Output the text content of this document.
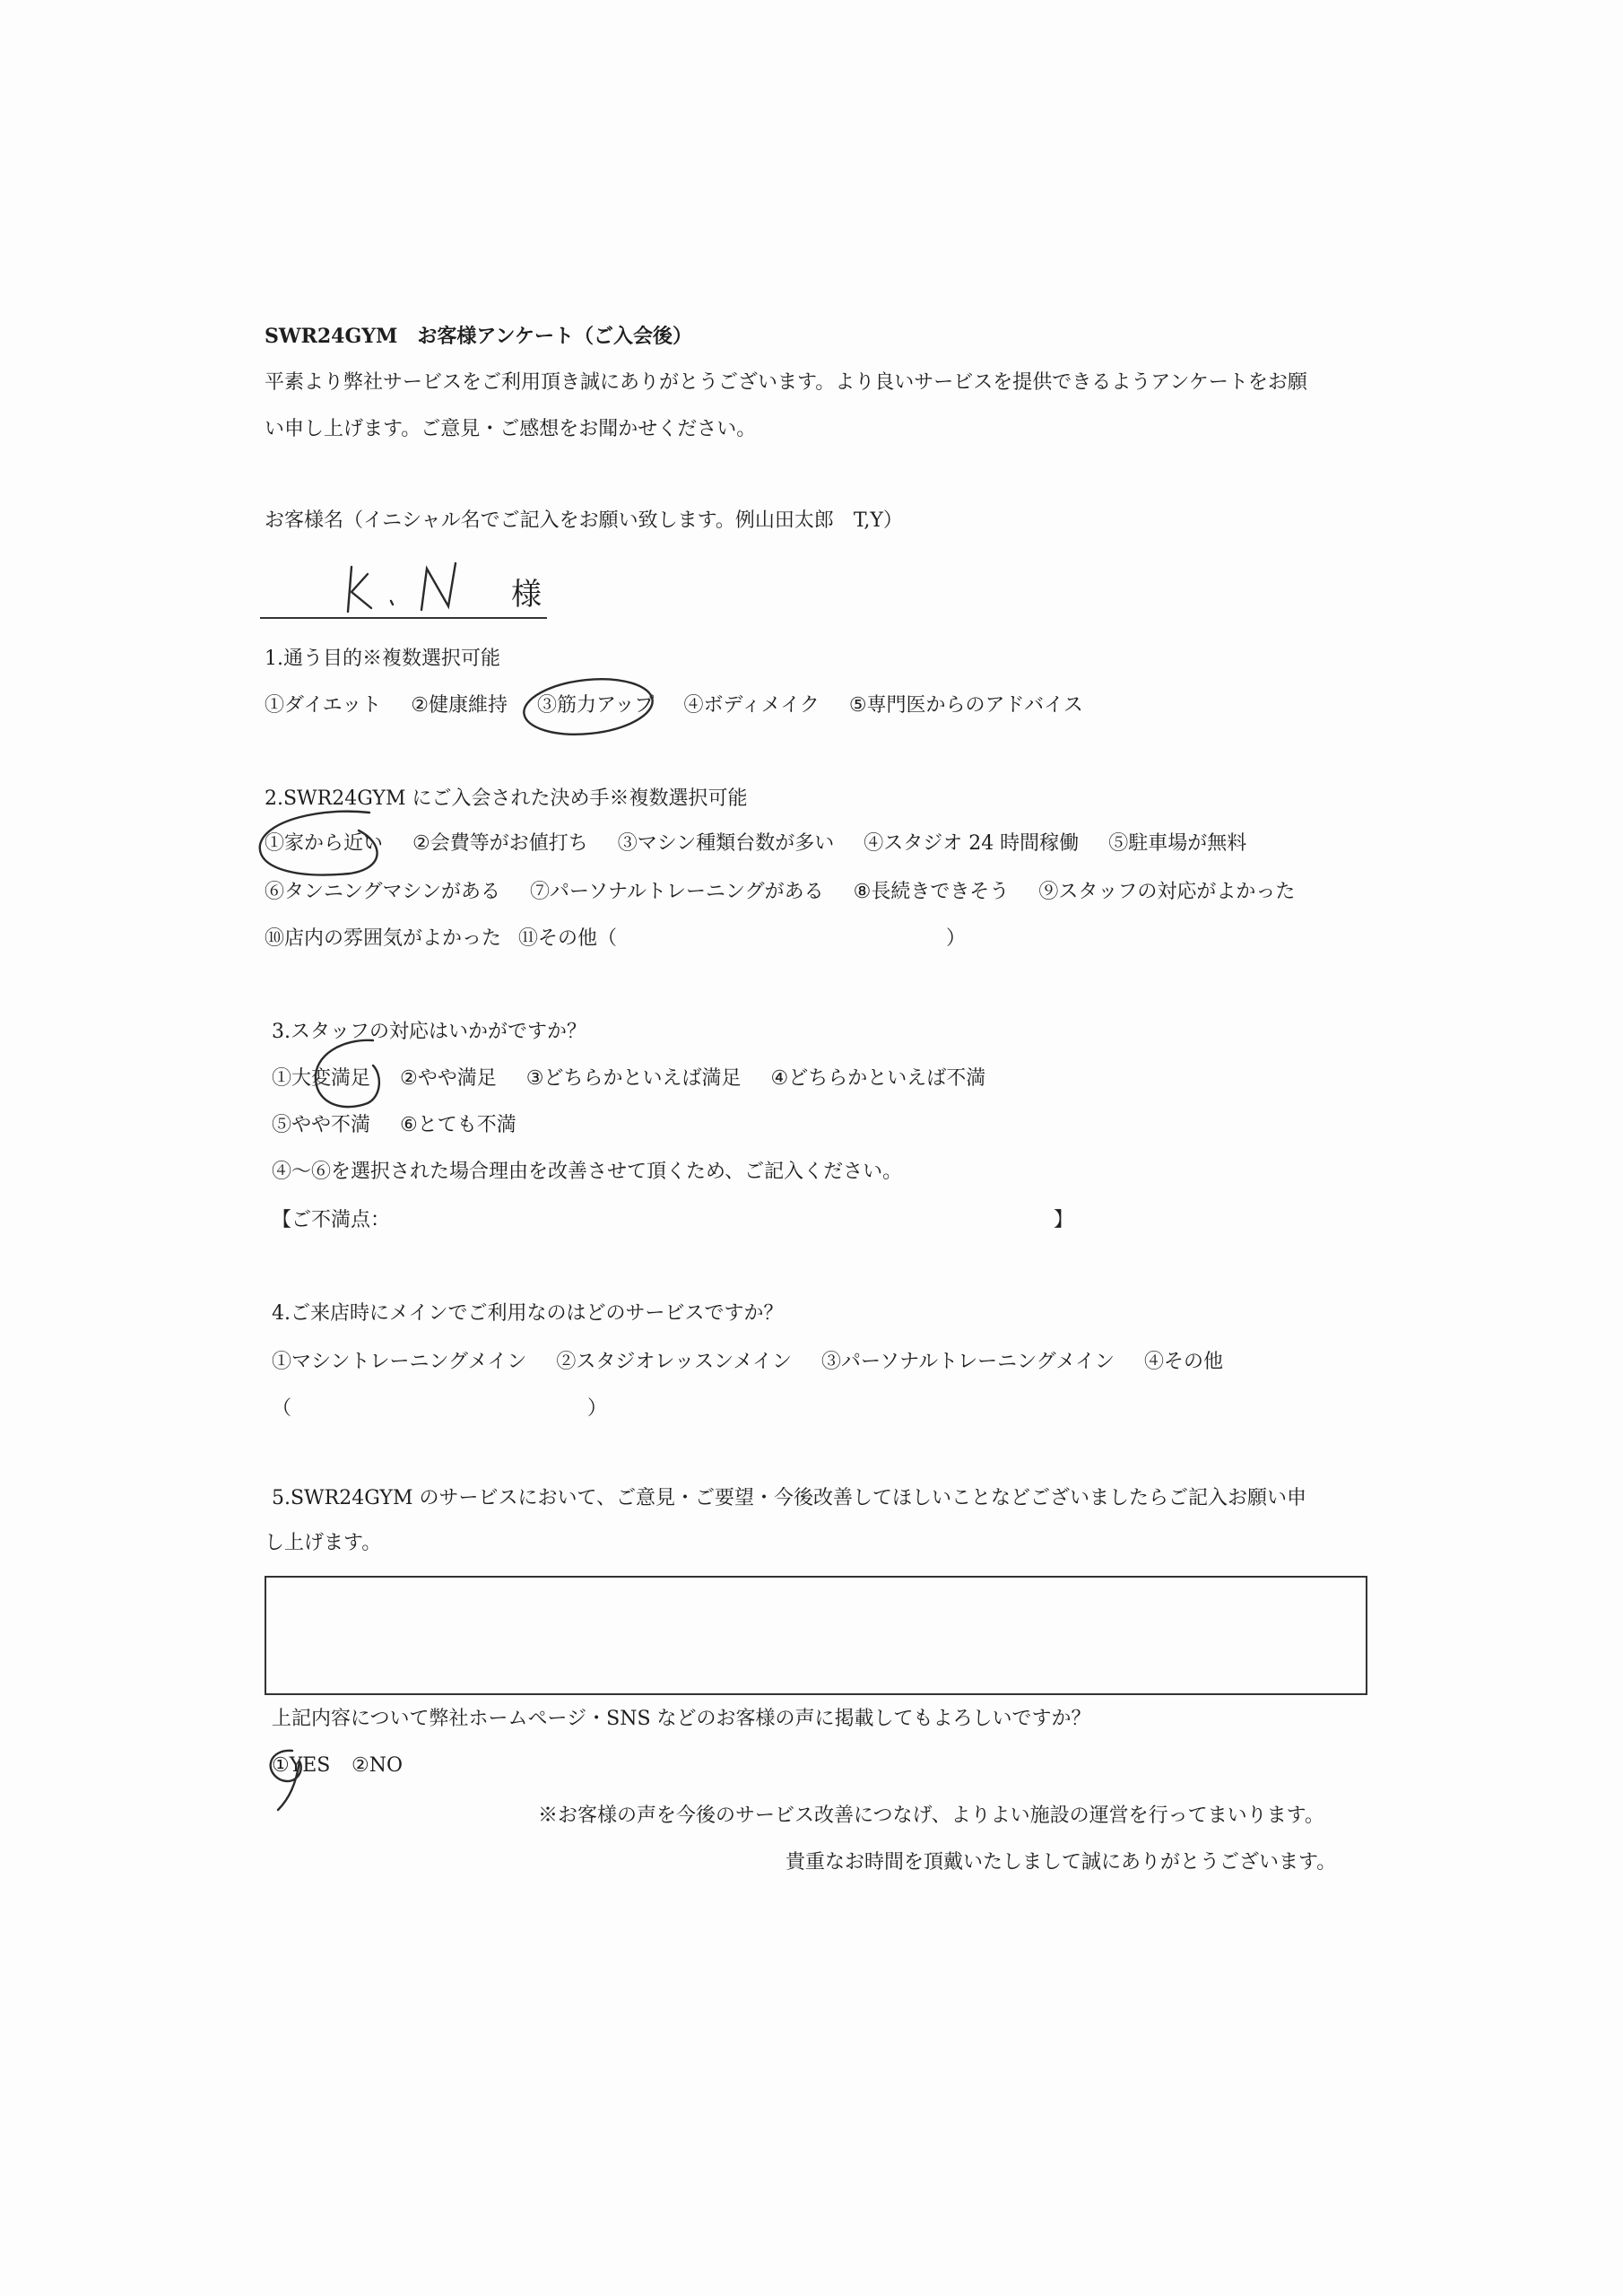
SWR24GYM　お客様アンケート（ご入会後）
平素より弊社サービスをご利用頂き誠にありがとうございます。より良いサービスを提供できるようアンケートをお願
い申し上げます。ご意見・ご感想をお聞かせください。
お客様名（イニシャル名でご記入をお願い致します。例山田太郎　T,Y）
様
1.通う目的※複数選択可能
①ダイエット ②健康維持 ③筋力アップ ④ボディメイク ⑤専門医からのアドバイス
2.SWR24GYM にご入会された決め手※複数選択可能
①家から近い ②会費等がお値打ち ③マシン種類台数が多い ④スタジオ 24 時間稼働 ⑤駐車場が無料
⑥タンニングマシンがある ⑦パーソナルトレーニングがある ⑧長続きできそう ⑨スタッフの対応がよかった
⑩店内の雰囲気がよかった ⑪その他（	）
3.スタッフの対応はいかがですか？
①大変満足 ②やや満足 ③どちらかといえば満足 ④どちらかといえば不満
⑤やや不満 ⑥とても不満
④～⑥を選択された場合理由を改善させて頂くため、ご記入ください。
【ご不満点：	】
4.ご来店時にメインでご利用なのはどのサービスですか？
①マシントレーニングメイン ②スタジオレッスンメイン ③パーソナルトレーニングメイン ④その他
（	）
5.SWR24GYM のサービスにおいて、ご意見・ご要望・今後改善してほしいことなどございましたらご記入お願い申
し上げます。
上記内容について弊社ホームページ・SNS などのお客様の声に掲載してもよろしいですか？
①YES ②NO
※お客様の声を今後のサービス改善につなげ、よりよい施設の運営を行ってまいります。
貴重なお時間を頂戴いたしまして誠にありがとうございます。
